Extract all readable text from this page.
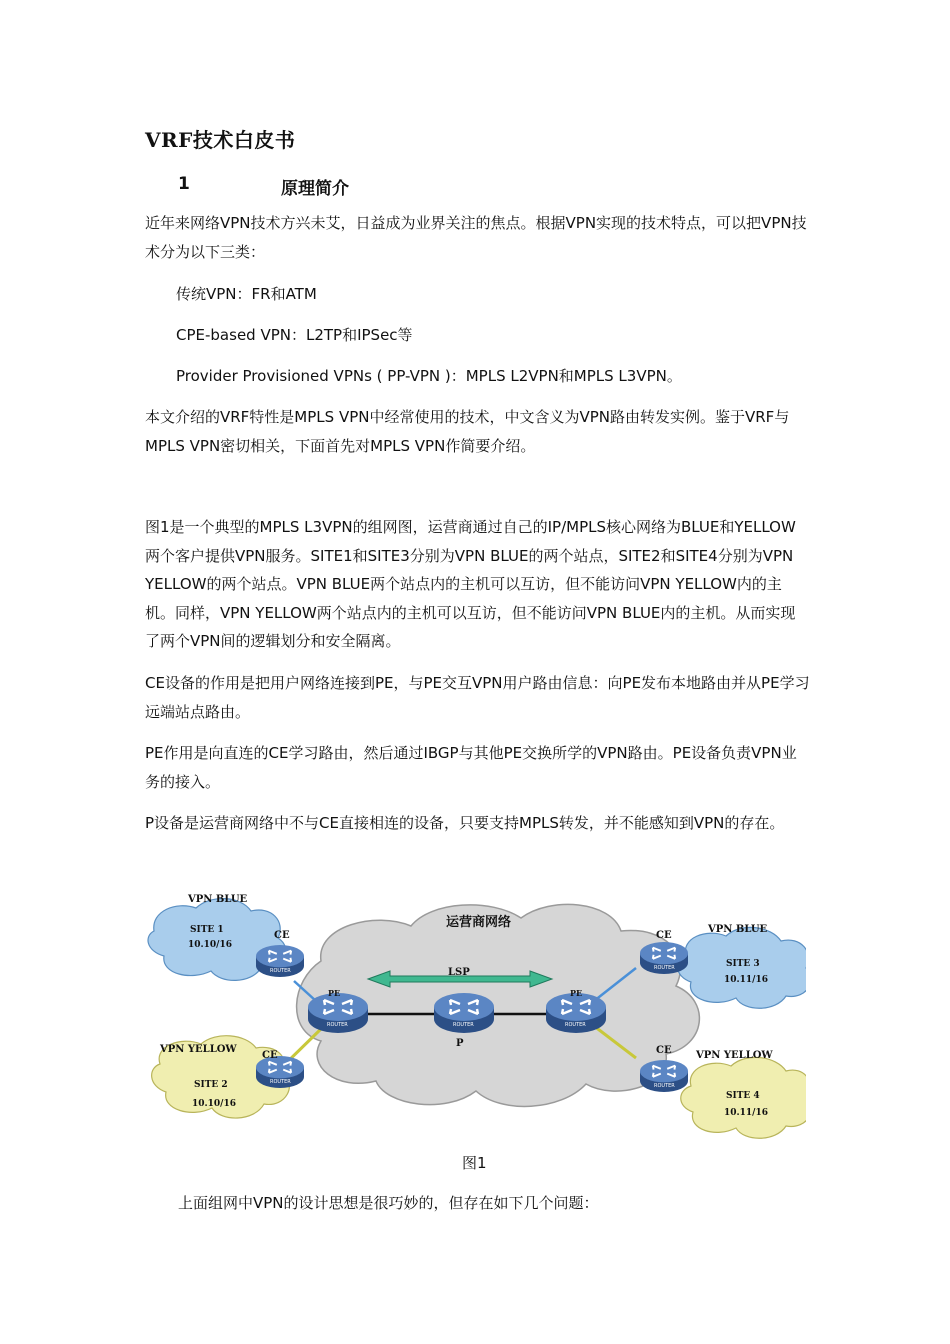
VRF技术白皮书
1	原理简介
近年来网络VPN技术方兴未艾，日益成为业界关注的焦点。根据VPN实现的技术特点，可以把VPN技术分为以下三类：
传统VPN：FR和ATM
CPE-based VPN：L2TP和IPSec等
Provider Provisioned VPNs ( PP-VPN )：MPLS L2VPN和MPLS L3VPN。
本文介绍的VRF特性是MPLS VPN中经常使用的技术，中文含义为VPN路由转发实例。鉴于VRF与MPLS VPN密切相关，下面首先对MPLS VPN作简要介绍。
图1是一个典型的MPLS L3VPN的组网图，运营商通过自己的IP/MPLS核心网络为BLUE和YELLOW两个客户提供VPN服务。SITE1和SITE3分别为VPN BLUE的两个站点，SITE2和SITE4分别为VPN YELLOW的两个站点。VPN BLUE两个站点内的主机可以互访，但不能访问VPN YELLOW内的主机。同样，VPN YELLOW两个站点内的主机可以互访，但不能访问VPN BLUE内的主机。从而实现了两个VPN间的逻辑划分和安全隔离。
CE设备的作用是把用户网络连接到PE，与PE交互VPN用户路由信息：向PE发布本地路由并从PE学习远端站点路由。
PE作用是向直连的CE学习路由，然后通过IBGP与其他PE交换所学的VPN路由。PE设备负责VPN业务的接入。
P设备是运营商网络中不与CE直接相连的设备，只要支持MPLS转发，并不能感知到VPN的存在。
运营商网络
LSP
P
PE	PE
CE
CE
CE
CE
VPN BLUE
SITE 1
10.10/16
VPN YELLOW
SITE 2
10.10/16
VPN BLUE
SITE 3
10.11/16
VPN YELLOW
SITE 4
10.11/16
ROUTER
ROUTER
ROUTER	ROUTER	ROUTER
ROUTER
ROUTER
图1
上面组网中VPN的设计思想是很巧妙的，但存在如下几个问题：
